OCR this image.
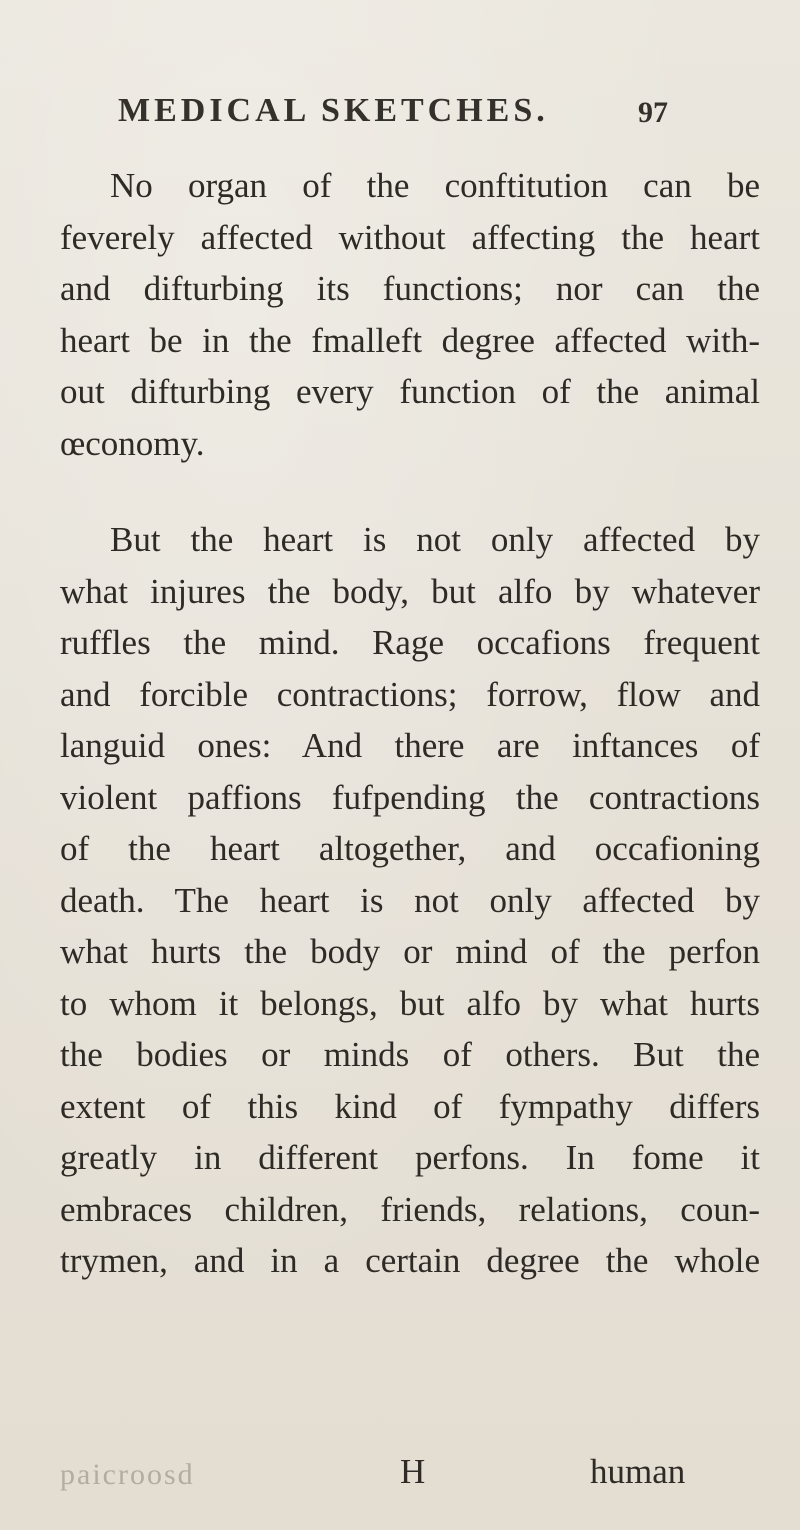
MEDICAL SKETCHES.	97
No organ of the conftitution can be
feverely affected without affecting the heart
and difturbing its functions; nor can the
heart be in the fmalleft degree affected with-
out difturbing every function of the animal
œconomy.
But the heart is not only affected by
what injures the body, but alfo by whatever
ruffles the mind. Rage occafions frequent
and forcible contractions; forrow, flow and
languid ones: And there are inftances of
violent paffions fufpending the contractions
of the heart altogether, and occafioning
death. The heart is not only affected by
what hurts the body or mind of the perfon
to whom it belongs, but alfo by what hurts
the bodies or minds of others. But the
extent of this kind of fympathy differs
greatly in different perfons. In fome it
embraces children, friends, relations, coun-
trymen, and in a certain degree the whole
paicroosd	H	human
